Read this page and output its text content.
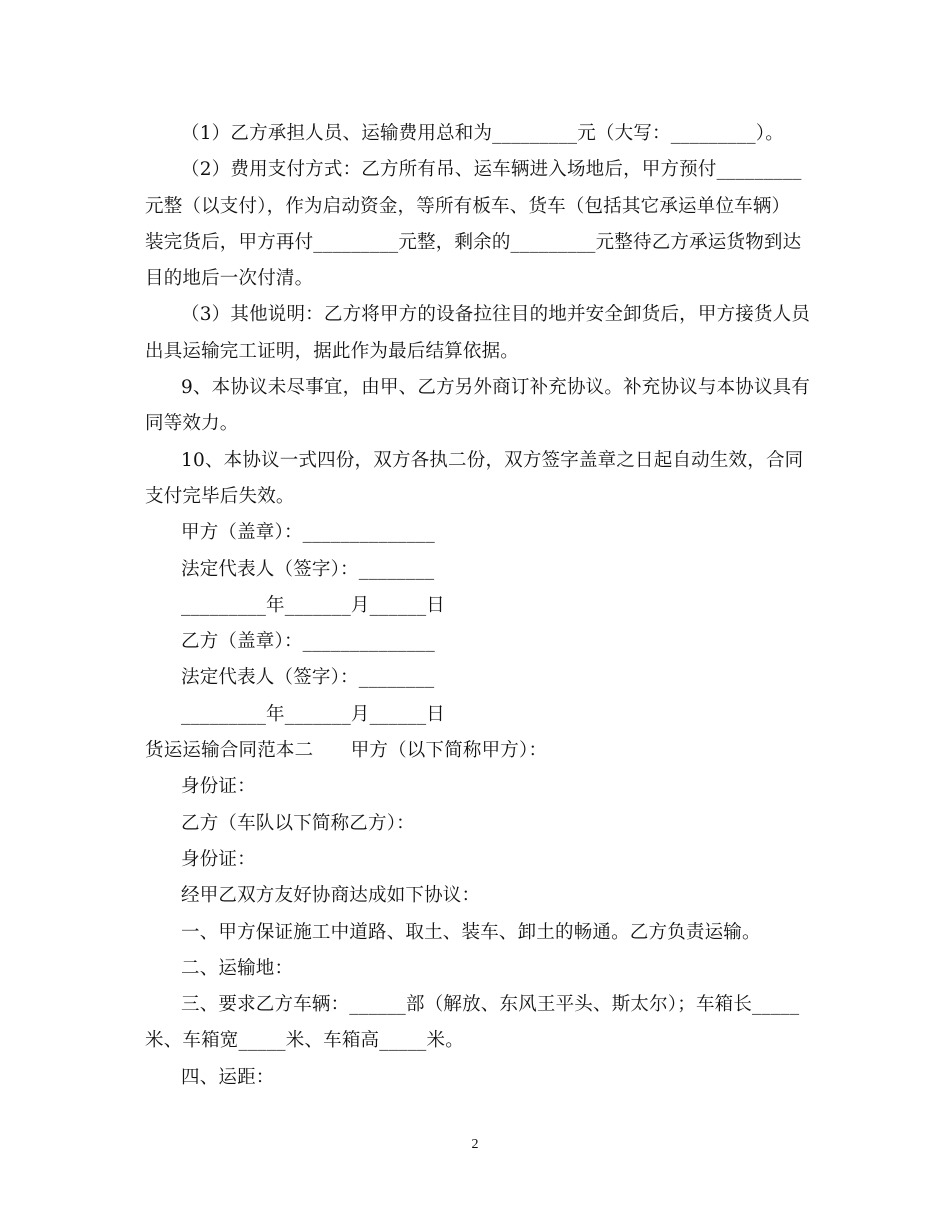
（1）乙方承担人员、运输费用总和为_________元（大写：_________）。
（2）费用支付方式：乙方所有吊、运车辆进入场地后，甲方预付_________
元整（以支付），作为启动资金，等所有板车、货车（包括其它承运单位车辆）
装完货后，甲方再付_________元整，剩余的_________元整待乙方承运货物到达
目的地后一次付清。
（3）其他说明：乙方将甲方的设备拉往目的地并安全卸货后，甲方接货人员
出具运输完工证明，据此作为最后结算依据。
9、本协议未尽事宜，由甲、乙方另外商订补充协议。补充协议与本协议具有
同等效力。
10、本协议一式四份，双方各执二份，双方签字盖章之日起自动生效，合同
支付完毕后失效。
甲方（盖章）：______________
法定代表人（签字）：________
_________年_______月______日
乙方（盖章）：______________
法定代表人（签字）：________
_________年_______月______日
货运运输合同范本二　　甲方（以下简称甲方）：
身份证：
乙方（车队以下简称乙方）：
身份证：
经甲乙双方友好协商达成如下协议：
一、甲方保证施工中道路、取土、装车、卸土的畅通。乙方负责运输。
二、运输地：
三、要求乙方车辆：______部（解放、东风王平头、斯太尔）；车箱长_____
米、车箱宽_____米、车箱高_____米。
四、运距：
2
